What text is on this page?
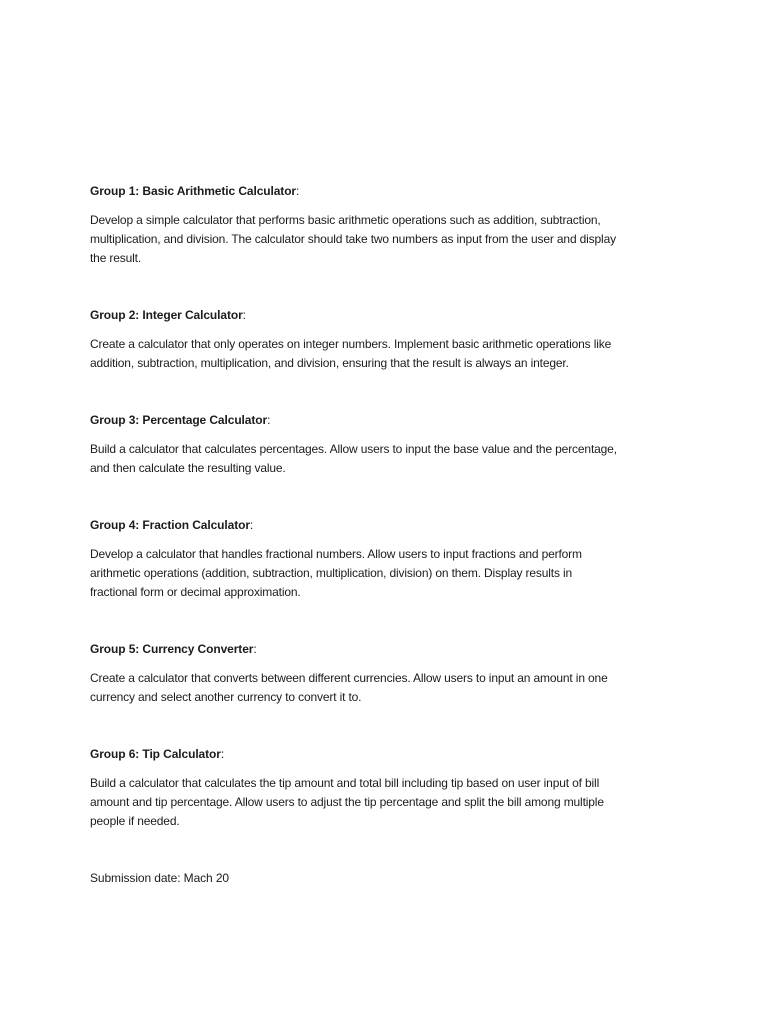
Group 1: Basic Arithmetic Calculator:

Develop a simple calculator that performs basic arithmetic operations such as addition, subtraction,
multiplication, and division. The calculator should take two numbers as input from the user and display
the result.

Group 2: Integer Calculator:

Create a calculator that only operates on integer numbers. Implement basic arithmetic operations like
addition, subtraction, multiplication, and division, ensuring that the result is always an integer.

Group 3: Percentage Calculator:

Build a calculator that calculates percentages. Allow users to input the base value and the percentage,
and then calculate the resulting value.

Group 4: Fraction Calculator:

Develop a calculator that handles fractional numbers. Allow users to input fractions and perform
arithmetic operations (addition, subtraction, multiplication, division) on them. Display results in
fractional form or decimal approximation.

Group 5: Currency Converter:

Create a calculator that converts between different currencies. Allow users to input an amount in one
currency and select another currency to convert it to.

Group 6: Tip Calculator:

Build a calculator that calculates the tip amount and total bill including tip based on user input of bill
amount and tip percentage. Allow users to adjust the tip percentage and split the bill among multiple
people if needed.

Submission date: Mach 20
